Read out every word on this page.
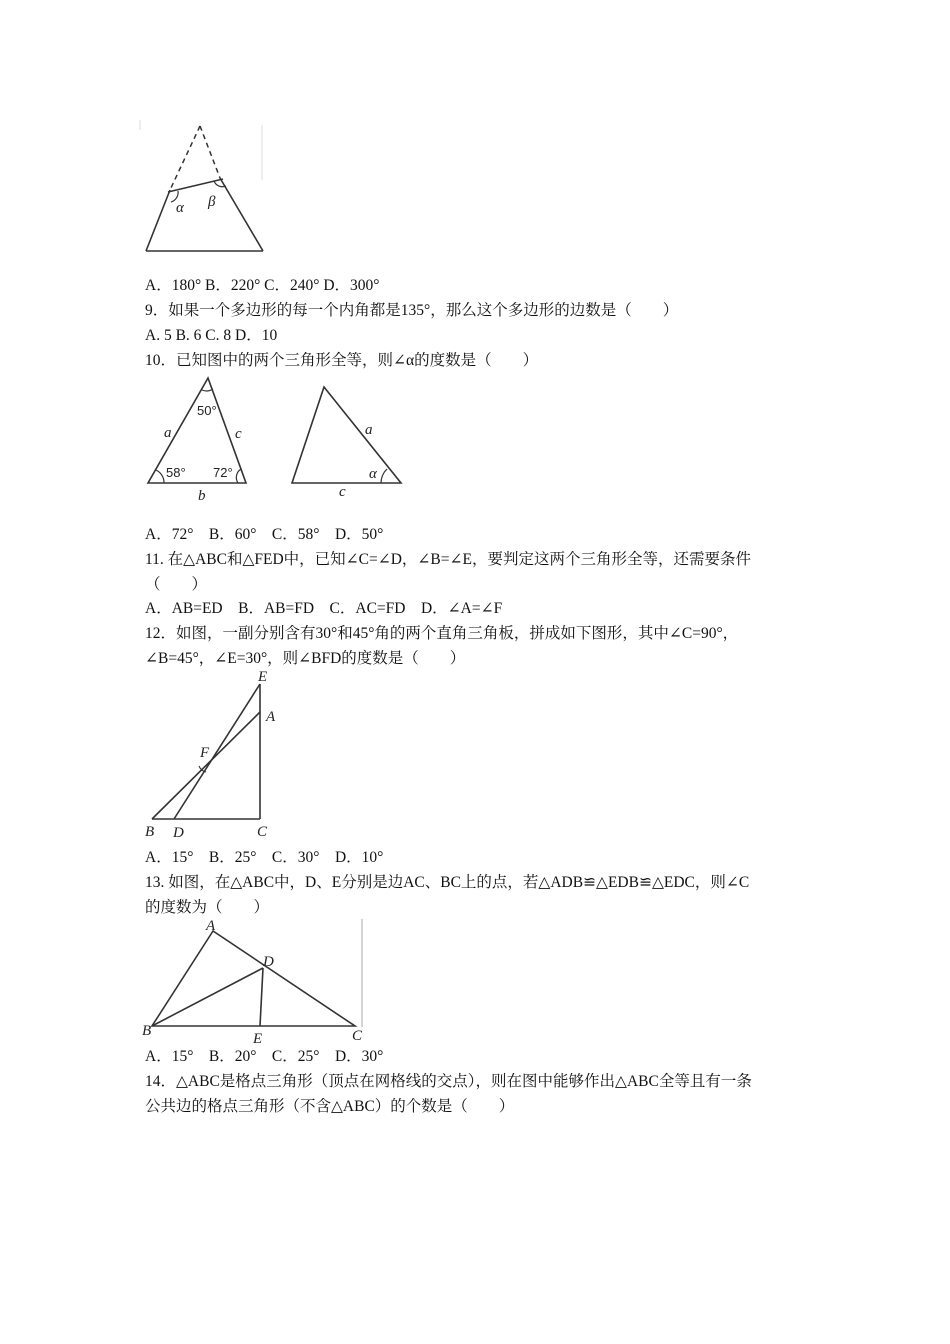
α β
A．180° B．220° C．240° D．300°
9．如果一个多边形的每一个内角都是135°，那么这个多边形的边数是（　　）
A. 5 B. 6 C. 8 D．10
10．已知图中的两个三角形全等，则∠α的度数是（　　）
50°
58° 72°
a	c
b
a
c
α
A．72°　B．60°　C．58°　D．50°
11. 在△ABC和△FED中，已知∠C=∠D，∠B=∠E，要判定这两个三角形全等，还需要条件
（　　）
A．AB=ED　B．AB=FD　C．AC=FD　D．∠A=∠F
12．如图，一副分别含有30°和45°角的两个直角三角板，拼成如下图形，其中∠C=90°，
∠B=45°，∠E=30°，则∠BFD的度数是（　　）
E
A
F
B D	C
A．15°　B．25°　C．30°　D．10°
13. 如图，在△ABC中，D、E分别是边AC、BC上的点，若△ADB≌△EDB≌△EDC，则∠C
的度数为（　　）
A
D
B	E	C
A．15°　B．20°　C．25°　D．30°
14．△ABC是格点三角形（顶点在网格线的交点），则在图中能够作出△ABC全等且有一条
公共边的格点三角形（不含△ABC）的个数是（　　）
